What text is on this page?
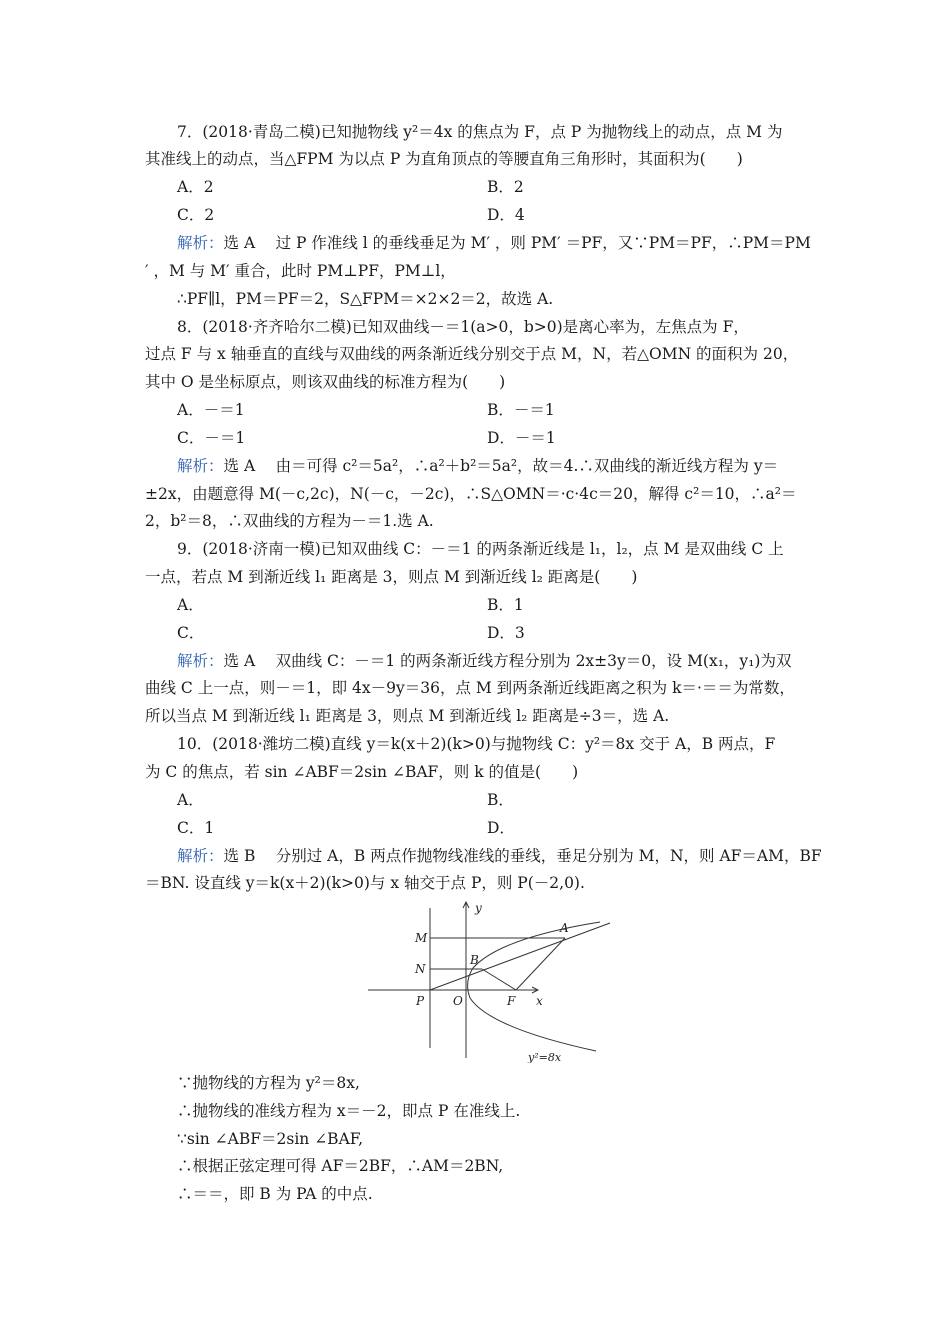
7．(2018·青岛二模)已知抛物线 y²＝4x 的焦点为 F，点 P 为抛物线上的动点，点 M 为
其准线上的动点，当△FPM 为以点 P 为直角顶点的等腰直角三角形时，其面积为(　　)
A．2	B．2
C．2	D．4
解析：选 A　 过 P 作准线 l 的垂线垂足为 M′ ，则 PM′ ＝PF，又∵PM＝PF，∴PM＝PM
′ ，M 与 M′ 重合，此时 PM⊥PF，PM⊥l，
∴PF∥l，PM＝PF＝2，S△FPM＝×2×2＝2，故选 A.
8．(2018·齐齐哈尔二模)已知双曲线－＝1(a>0，b>0)是离心率为，左焦点为 F，
过点 F 与 x 轴垂直的直线与双曲线的两条渐近线分别交于点 M，N，若△OMN 的面积为 20，
其中 O 是坐标原点，则该双曲线的标准方程为(　　)
A．－＝1	B．－＝1
C．－＝1	D．－＝1
解析：选 A　 由＝可得 c²＝5a²，∴a²＋b²＝5a²，故＝4.∴双曲线的渐近线方程为 y＝
±2x，由题意得 M(－c,2c)，N(－c，－2c)，∴S△OMN＝·c·4c＝20，解得 c²＝10，∴a²＝
2，b²＝8，∴双曲线的方程为－＝1.选 A.
9．(2018·济南一模)已知双曲线 C：－＝1 的两条渐近线是 l₁，l₂，点 M 是双曲线 C 上
一点，若点 M 到渐近线 l₁ 距离是 3，则点 M 到渐近线 l₂ 距离是(　　)
A．	B．1
C．	D．3
解析：选 A　 双曲线 C：－＝1 的两条渐近线方程分别为 2x±3y＝0，设 M(x₁，y₁)为双
曲线 C 上一点，则－＝1，即 4x－9y＝36，点 M 到两条渐近线距离之积为 k＝·＝＝为常数，
所以当点 M 到渐近线 l₁ 距离是 3，则点 M 到渐近线 l₂ 距离是÷3＝，选 A.
10．(2018·潍坊二模)直线 y＝k(x＋2)(k>0)与抛物线 C：y²＝8x 交于 A，B 两点，F
为 C 的焦点，若 sin ∠ABF＝2sin ∠BAF，则 k 的值是(　　)
A．	B．
C．1	D．
解析：选 B　 分别过 A，B 两点作抛物线准线的垂线，垂足分别为 M，N，则 AF＝AM，BF
＝BN. 设直线 y＝k(x＋2)(k>0)与 x 轴交于点 P，则 P(－2,0).
y
x
M
N
B
A
P O	F
y²=8x
∵抛物线的方程为 y²＝8x,
∴抛物线的准线方程为 x＝－2，即点 P 在准线上.
∵sin ∠ABF＝2sin ∠BAF,
∴根据正弦定理可得 AF＝2BF，∴AM＝2BN,
∴＝＝，即 B 为 PA 的中点.
